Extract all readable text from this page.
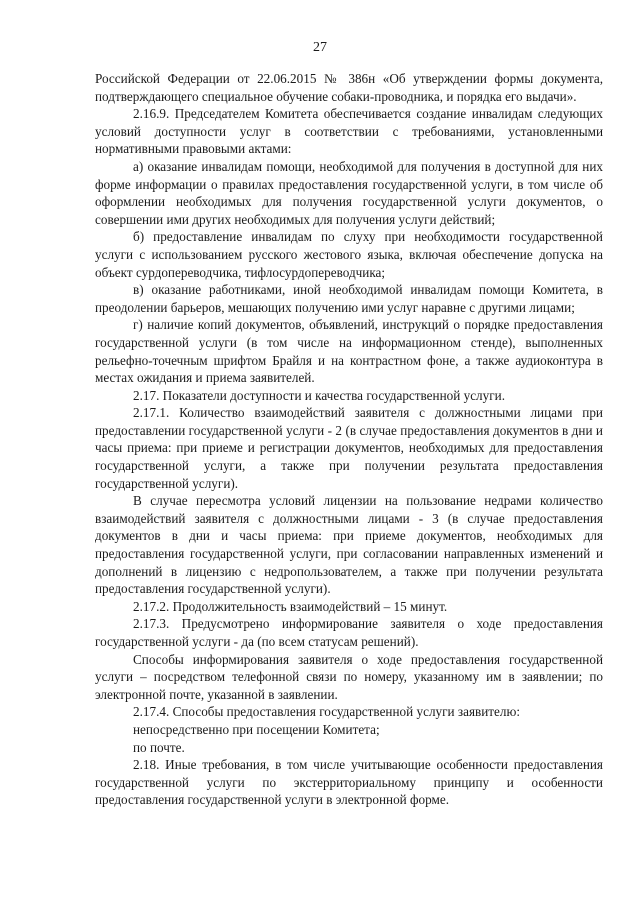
27

Российской Федерации от 22.06.2015 № 386н «Об утверждении формы документа, подтверждающего специальное обучение собаки-проводника, и порядка его выдачи».

2.16.9. Председателем Комитета обеспечивается создание инвалидам следующих условий доступности услуг в соответствии с требованиями, установленными нормативными правовыми актами:

а) оказание инвалидам помощи, необходимой для получения в доступной для них форме информации о правилах предоставления государственной услуги, в том числе об оформлении необходимых для получения государственной услуги документов, о совершении ими других необходимых для получения услуги действий;

б) предоставление инвалидам по слуху при необходимости государственной услуги с использованием русского жестового языка, включая обеспечение допуска на объект сурдопереводчика, тифлосурдопереводчика;

в) оказание работниками, иной необходимой инвалидам помощи Комитета, в преодолении барьеров, мешающих получению ими услуг наравне с другими лицами;

г) наличие копий документов, объявлений, инструкций о порядке предоставления государственной услуги (в том числе на информационном стенде), выполненных рельефно-точечным шрифтом Брайля и на контрастном фоне, а также аудиоконтура в местах ожидания и приема заявителей.

2.17. Показатели доступности и качества государственной услуги.

2.17.1. Количество взаимодействий заявителя с должностными лицами при предоставлении государственной услуги - 2 (в случае предоставления документов в дни и часы приема: при приеме и регистрации документов, необходимых для предоставления государственной услуги, а также при получении результата предоставления государственной услуги).

В случае пересмотра условий лицензии на пользование недрами количество взаимодействий заявителя с должностными лицами - 3 (в случае предоставления документов в дни и часы приема: при приеме документов, необходимых для предоставления государственной услуги, при согласовании направленных изменений и дополнений в лицензию с недропользователем, а также при получении результата предоставления государственной услуги).

2.17.2. Продолжительность взаимодействий – 15 минут.

2.17.3. Предусмотрено информирование заявителя о ходе предоставления государственной услуги - да (по всем статусам решений).

Способы информирования заявителя о ходе предоставления государственной услуги – посредством телефонной связи по номеру, указанному им в заявлении; по электронной почте, указанной в заявлении.

2.17.4. Способы предоставления государственной услуги заявителю:

непосредственно при посещении Комитета;

по почте.

2.18. Иные требования, в том числе учитывающие особенности предоставления государственной услуги по экстерриториальному принципу и особенности предоставления государственной услуги в электронной форме.
